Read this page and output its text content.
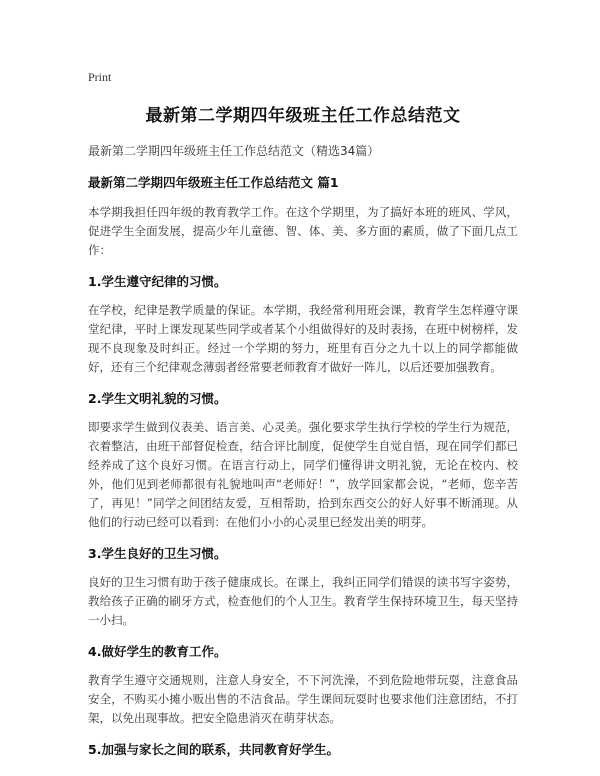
Print
最新第二学期四年级班主任工作总结范文
最新第二学期四年级班主任工作总结范文（精选34篇）
最新第二学期四年级班主任工作总结范文 篇1
本学期我担任四年级的教育教学工作。在这个学期里，为了搞好本班的班风、学风，促进学生全面发展，提高少年儿童德、智、体、美、多方面的素质，做了下面几点工作：
1.学生遵守纪律的习惯。
在学校，纪律是教学质量的保证。本学期，我经常利用班会课，教育学生怎样遵守课堂纪律，平时上课发现某些同学或者某个小组做得好的及时表扬，在班中树榜样，发现不良现象及时纠正。经过一个学期的努力，班里有百分之九十以上的同学都能做好，还有三个纪律观念薄弱者经常要老师教育才做好一阵儿，以后还要加强教育。
2.学生文明礼貌的习惯。
即要求学生做到仪表美、语言美、心灵美。强化要求学生执行学校的学生行为规范，衣着整洁，由班干部督促检查，结合评比制度，促使学生自觉自悟，现在同学们都已经养成了这个良好习惯。在语言行动上，同学们懂得讲文明礼貌，无论在校内、校外，他们见到老师都很有礼貌地叫声“老师好！”，放学回家都会说，“老师，您辛苦了，再见！”同学之间团结友爱，互相帮助，拾到东西交公的好人好事不断涌现。从他们的行动已经可以看到：在他们小小的心灵里已经发出美的明芽。
3.学生良好的卫生习惯。
良好的卫生习惯有助于孩子健康成长。在课上，我纠正同学们错误的读书写字姿势，教给孩子正确的刷牙方式，检查他们的个人卫生。教育学生保持环境卫生，每天坚持一小扫。
4.做好学生的教育工作。
教育学生遵守交通规则，注意人身安全，不下河洗澡，不到危险地带玩耍，注意食品安全，不购买小摊小贩出售的不洁食品。学生课间玩耍时也要求他们注意团结，不打架，以免出现事故。把安全隐患消灭在萌芽状态。
5.加强与家长之间的联系，共同教育好学生。
